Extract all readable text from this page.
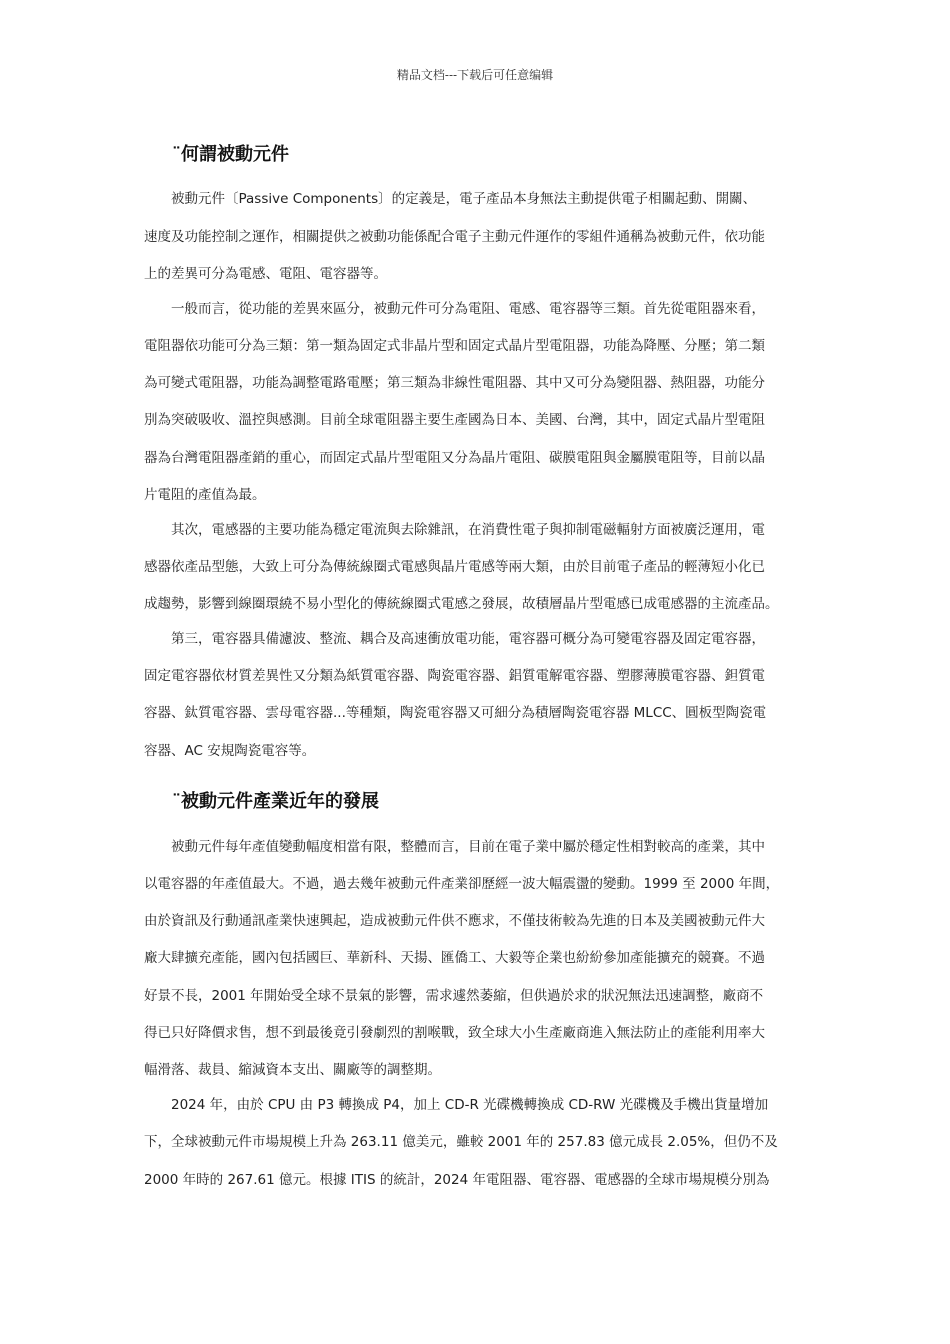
精品文档---下载后可任意编辑
¨何謂被動元件
被動元件〔Passive Components〕的定義是，電子產品本身無法主動提供電子相關起動、開關、
速度及功能控制之運作，相關提供之被動功能係配合電子主動元件運作的零組件通稱為被動元件，依功能
上的差異可分為電感、電阻、電容器等。
一般而言，從功能的差異來區分，被動元件可分為電阻、電感、電容器等三類。首先從電阻器來看，
電阻器依功能可分為三類：第一類為固定式非晶片型和固定式晶片型電阻器，功能為降壓、分壓；第二類
為可變式電阻器，功能為調整電路電壓；第三類為非線性電阻器、其中又可分為變阻器、熱阻器，功能分
別為突破吸收、溫控與感測。目前全球電阻器主要生產國為日本、美國、台灣，其中，固定式晶片型電阻
器為台灣電阻器產銷的重心，而固定式晶片型電阻又分為晶片電阻、碳膜電阻與金屬膜電阻等，目前以晶
片電阻的產值為最。
其次，電感器的主要功能為穩定電流與去除雜訊，在消費性電子與抑制電磁輻射方面被廣泛運用，電
感器依產品型態，大致上可分為傳統線圈式電感與晶片電感等兩大類，由於目前電子產品的輕薄短小化已
成趨勢，影響到線圈環繞不易小型化的傳統線圈式電感之發展，故積層晶片型電感已成電感器的主流產品。
第三，電容器具備濾波、整流、耦合及高速衝放電功能，電容器可概分為可變電容器及固定電容器，
固定電容器依材質差異性又分類為紙質電容器、陶瓷電容器、鋁質電解電容器、塑膠薄膜電容器、鉭質電
容器、鈦質電容器、雲母電容器...等種類，陶瓷電容器又可細分為積層陶瓷電容器 MLCC、圓板型陶瓷電
容器、AC 安規陶瓷電容等。
¨被動元件產業近年的發展
被動元件每年產值變動幅度相當有限，整體而言，目前在電子業中屬於穩定性相對較高的產業，其中
以電容器的年產值最大。不過，過去幾年被動元件產業卻歷經一波大幅震盪的變動。1999 至 2000 年間，
由於資訊及行動通訊產業快速興起，造成被動元件供不應求，不僅技術較為先進的日本及美國被動元件大
廠大肆擴充產能，國內包括國巨、華新科、天揚、匯僑工、大毅等企業也紛紛參加產能擴充的競賽。不過
好景不長，2001 年開始受全球不景氣的影響，需求遽然萎縮，但供過於求的狀況無法迅速調整，廠商不
得已只好降價求售，想不到最後竟引發劇烈的割喉戰，致全球大小生產廠商進入無法防止的產能利用率大
幅滑落、裁員、縮減資本支出、關廠等的調整期。
2024 年，由於 CPU 由 P3 轉換成 P4，加上 CD-R 光碟機轉換成 CD-RW 光碟機及手機出貨量增加
下，全球被動元件市場規模上升為 263.11 億美元，雖較 2001 年的 257.83 億元成長 2.05%，但仍不及
2000 年時的 267.61 億元。根據 ITIS 的統計，2024 年電阻器、電容器、電感器的全球市場規模分別為
